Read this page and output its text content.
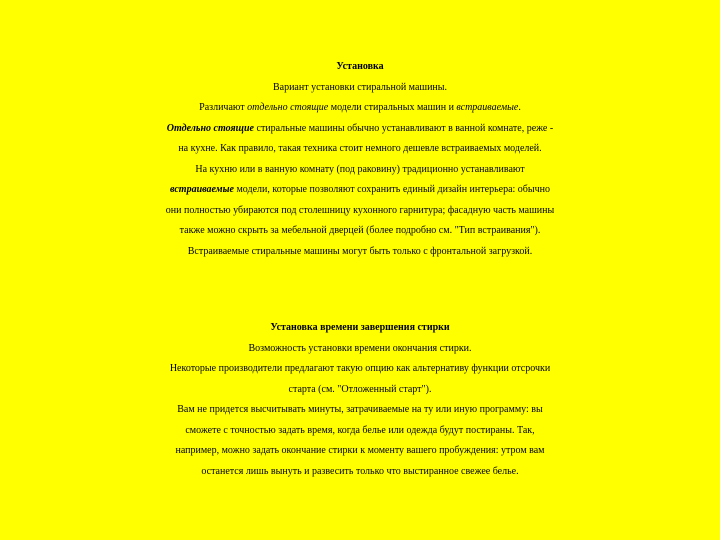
Установка
Вариант установки стиральной машины.
Различают отдельно стоящие модели стиральных машин и встраиваемые.
Отдельно стоящие стиральные машины обычно устанавливают в ванной комнате, реже -
на кухне. Как правило, такая техника стоит немного дешевле встраиваемых моделей.
На кухню или в ванную комнату (под раковину) традиционно устанавливают
встраиваемые модели, которые позволяют сохранить единый дизайн интерьера: обычно
они полностью убираются под столешницу кухонного гарнитура; фасадную часть машины
также можно скрыть за мебельной дверцей (более подробно см. "Тип встраивания").
Встраиваемые стиральные машины могут быть только с фронтальной загрузкой.
Установка времени завершения стирки
Возможность установки времени окончания стирки.
Некоторые производители предлагают такую опцию как альтернативу функции отсрочки
старта (см. "Отложенный старт").
Вам не придется высчитывать минуты, затрачиваемые на ту или иную программу: вы
сможете с точностью задать время, когда белье или одежда будут постираны. Так,
например, можно задать окончание стирки к моменту вашего пробуждения: утром вам
останется лишь вынуть и развесить только что выстиранное свежее белье.
